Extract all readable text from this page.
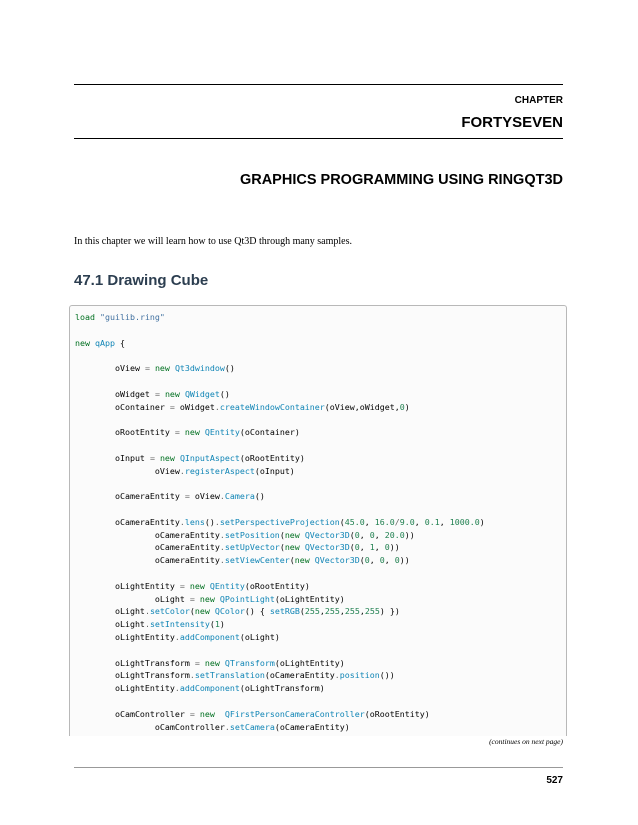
CHAPTER
FORTYSEVEN
GRAPHICS PROGRAMMING USING RINGQT3D

In this chapter we will learn how to use Qt3D through many samples.

47.1 Drawing Cube
load "guilib.ring"

new qApp {

oView = new Qt3dwindow()

oWidget = new QWidget()
oContainer = oWidget.createWindowContainer(oView,oWidget,0)

oRootEntity = new QEntity(oContainer)

oInput = new QInputAspect(oRootEntity)
oView.registerAspect(oInput)

oCameraEntity = oView.Camera()

oCameraEntity.lens().setPerspectiveProjection(45.0, 16.0/9.0, 0.1, 1000.0)
oCameraEntity.setPosition(new QVector3D(0, 0, 20.0))
oCameraEntity.setUpVector(new QVector3D(0, 1, 0))
oCameraEntity.setViewCenter(new QVector3D(0, 0, 0))

oLightEntity = new QEntity(oRootEntity)
oLight = new QPointLight(oLightEntity)
oLight.setColor(new QColor() { setRGB(255,255,255,255) })
oLight.setIntensity(1)
oLightEntity.addComponent(oLight)

oLightTransform = new QTransform(oLightEntity)
oLightTransform.setTranslation(oCameraEntity.position())
oLightEntity.addComponent(oLightTransform)

oCamController = new QFirstPersonCameraController(oRootEntity)
oCamController.setCamera(oCameraEntity)

(continues on next page)
527
